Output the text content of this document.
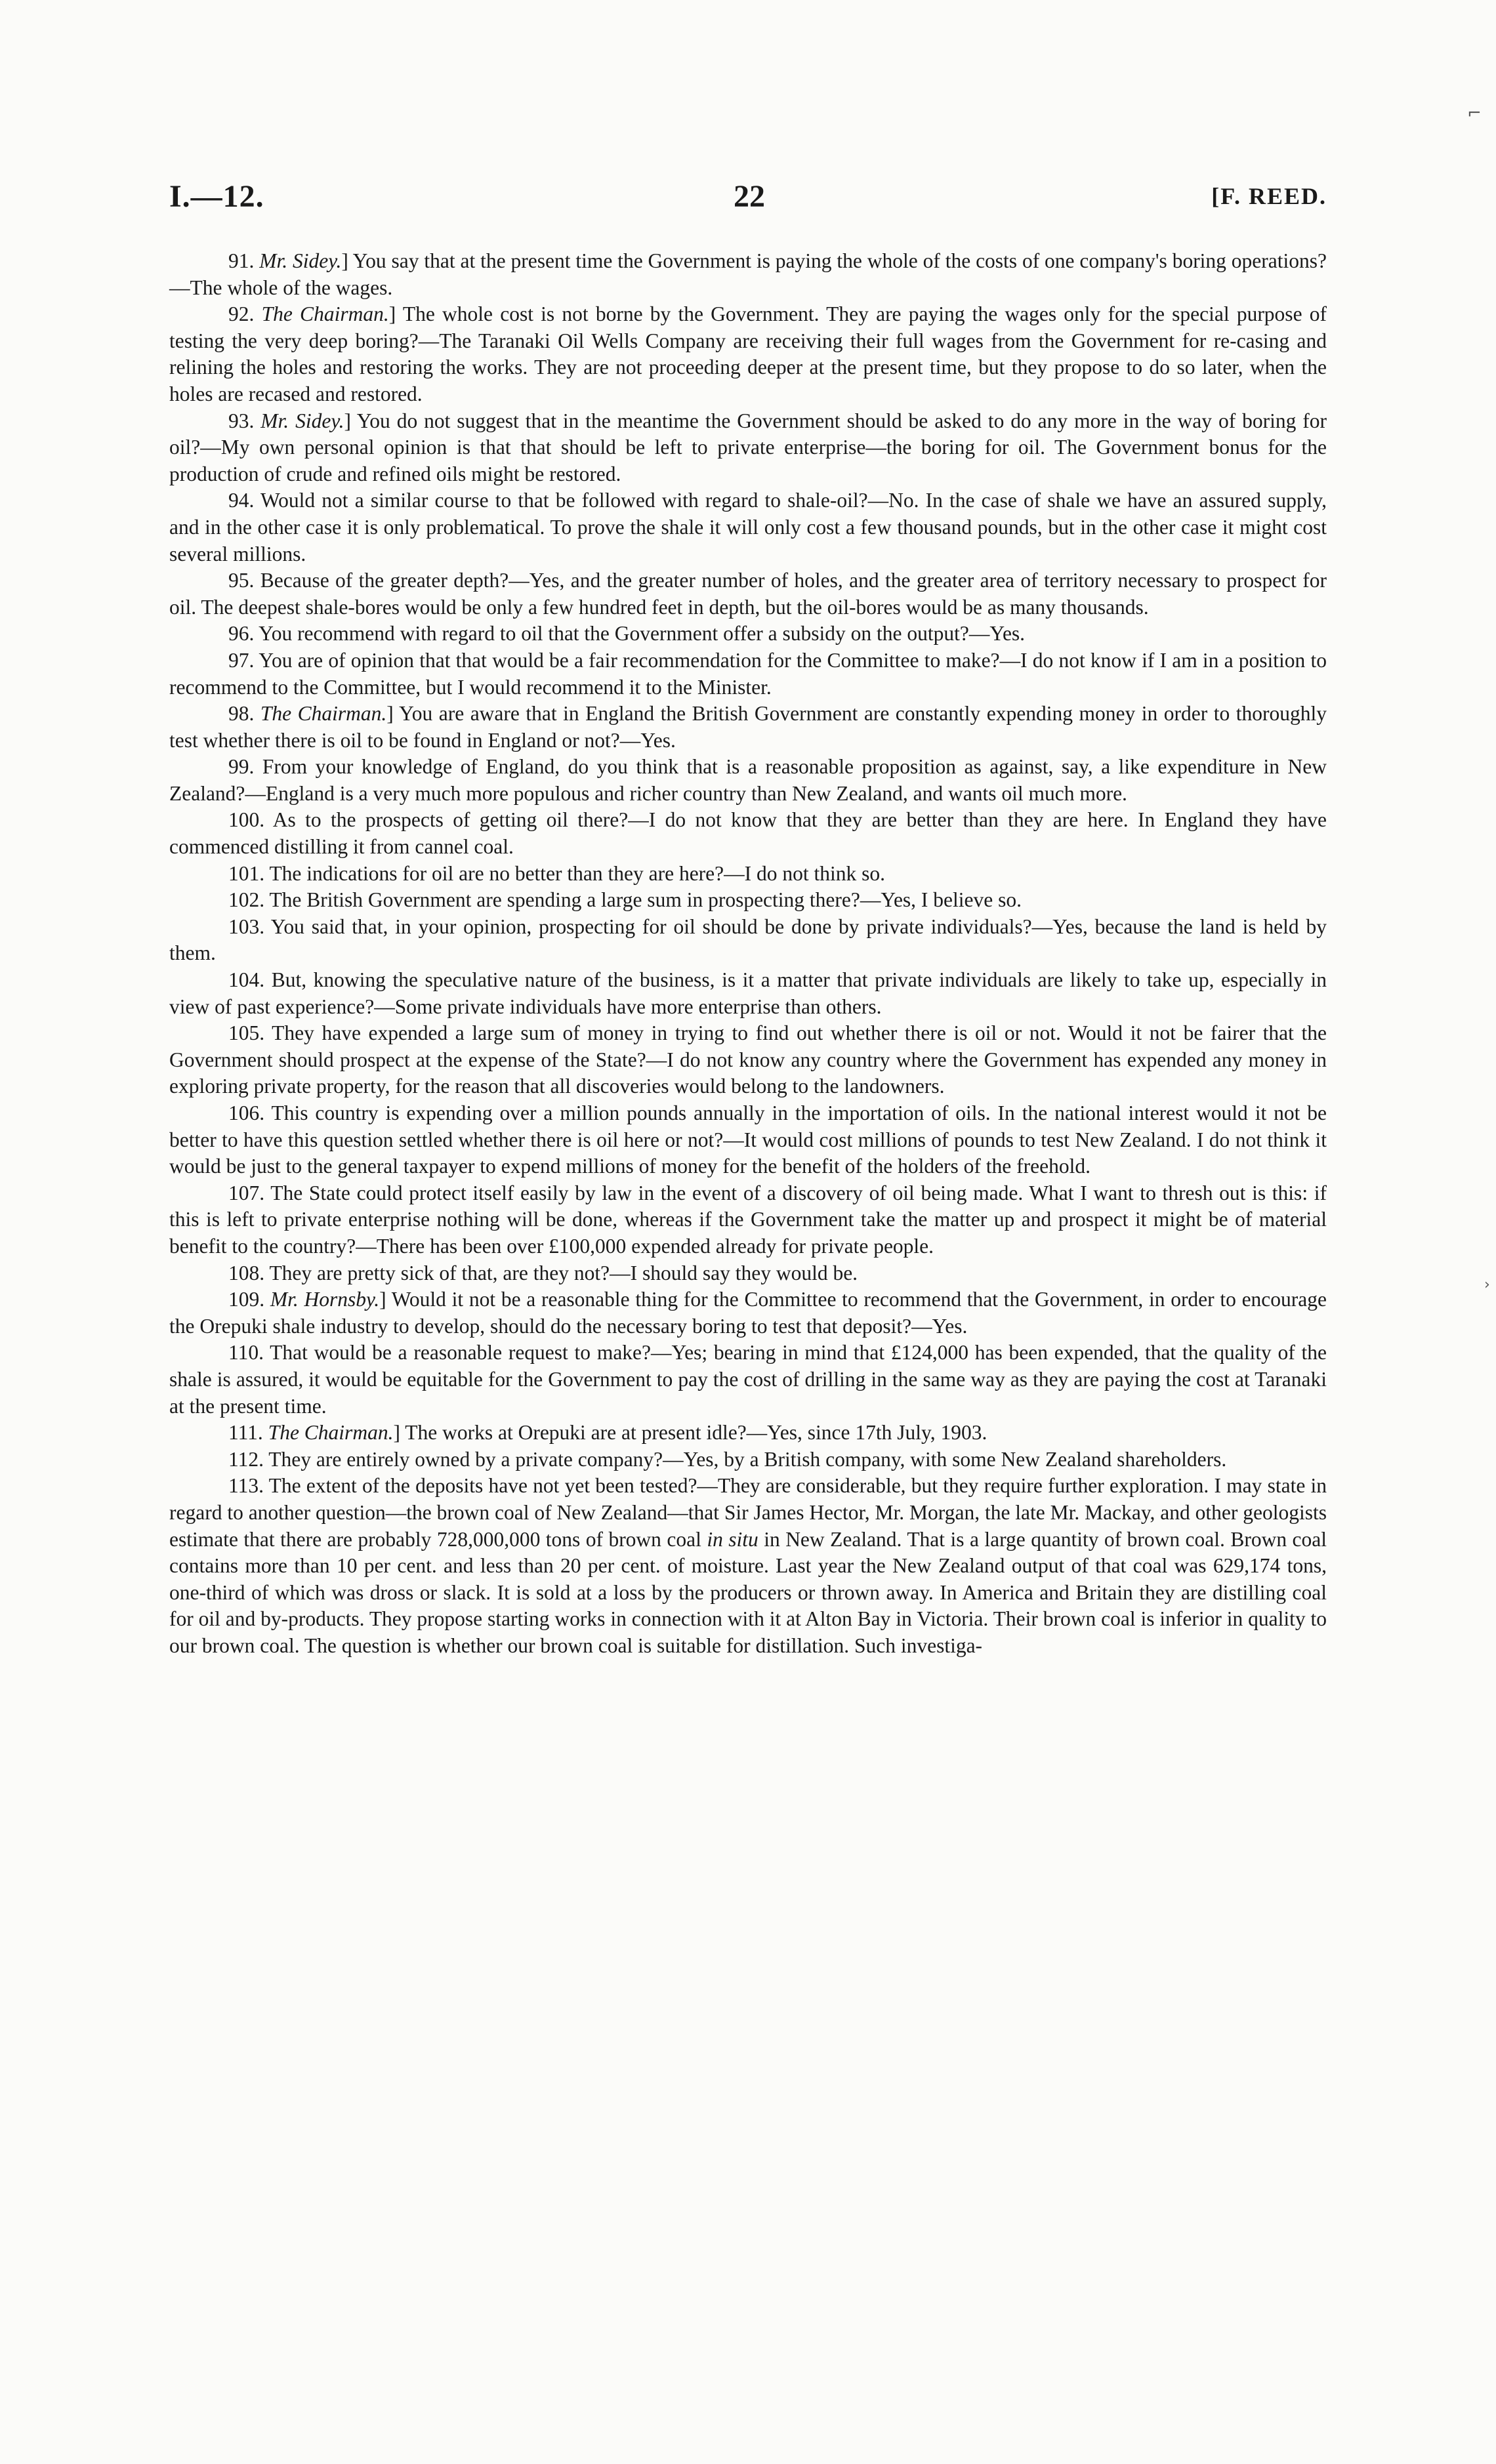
⌐
›
I.—12.	22	[F. REED.

91. Mr. Sidey.] You say that at the present time the Government is paying the whole of the costs of one company's boring operations?—The whole of the wages.

92. The Chairman.] The whole cost is not borne by the Government. They are paying the wages only for the special purpose of testing the very deep boring?—The Taranaki Oil Wells Company are receiving their full wages from the Government for re-casing and relining the holes and restoring the works. They are not proceeding deeper at the present time, but they propose to do so later, when the holes are recased and restored.

93. Mr. Sidey.] You do not suggest that in the meantime the Government should be asked to do any more in the way of boring for oil?—My own personal opinion is that that should be left to private enterprise—the boring for oil. The Government bonus for the production of crude and refined oils might be restored.

94. Would not a similar course to that be followed with regard to shale-oil?—No. In the case of shale we have an assured supply, and in the other case it is only problematical. To prove the shale it will only cost a few thousand pounds, but in the other case it might cost several millions.

95. Because of the greater depth?—Yes, and the greater number of holes, and the greater area of territory necessary to prospect for oil. The deepest shale-bores would be only a few hundred feet in depth, but the oil-bores would be as many thousands.

96. You recommend with regard to oil that the Government offer a subsidy on the output?—Yes.

97. You are of opinion that that would be a fair recommendation for the Committee to make?—I do not know if I am in a position to recommend to the Committee, but I would recommend it to the Minister.

98. The Chairman.] You are aware that in England the British Government are constantly expending money in order to thoroughly test whether there is oil to be found in England or not?—Yes.

99. From your knowledge of England, do you think that is a reasonable proposition as against, say, a like expenditure in New Zealand?—England is a very much more populous and richer country than New Zealand, and wants oil much more.

100. As to the prospects of getting oil there?—I do not know that they are better than they are here. In England they have commenced distilling it from cannel coal.

101. The indications for oil are no better than they are here?—I do not think so.

102. The British Government are spending a large sum in prospecting there?—Yes, I believe so.

103. You said that, in your opinion, prospecting for oil should be done by private individuals?—Yes, because the land is held by them.

104. But, knowing the speculative nature of the business, is it a matter that private individuals are likely to take up, especially in view of past experience?—Some private individuals have more enterprise than others.

105. They have expended a large sum of money in trying to find out whether there is oil or not. Would it not be fairer that the Government should prospect at the expense of the State?—I do not know any country where the Government has expended any money in exploring private property, for the reason that all discoveries would belong to the landowners.

106. This country is expending over a million pounds annually in the importation of oils. In the national interest would it not be better to have this question settled whether there is oil here or not?—It would cost millions of pounds to test New Zealand. I do not think it would be just to the general taxpayer to expend millions of money for the benefit of the holders of the freehold.

107. The State could protect itself easily by law in the event of a discovery of oil being made. What I want to thresh out is this: if this is left to private enterprise nothing will be done, whereas if the Government take the matter up and prospect it might be of material benefit to the country?—There has been over £100,000 expended already for private people.

108. They are pretty sick of that, are they not?—I should say they would be.

109. Mr. Hornsby.] Would it not be a reasonable thing for the Committee to recommend that the Government, in order to encourage the Orepuki shale industry to develop, should do the necessary boring to test that deposit?—Yes.

110. That would be a reasonable request to make?—Yes; bearing in mind that £124,000 has been expended, that the quality of the shale is assured, it would be equitable for the Government to pay the cost of drilling in the same way as they are paying the cost at Taranaki at the present time.

111. The Chairman.] The works at Orepuki are at present idle?—Yes, since 17th July, 1903.

112. They are entirely owned by a private company?—Yes, by a British company, with some New Zealand shareholders.

113. The extent of the deposits have not yet been tested?—They are considerable, but they require further exploration. I may state in regard to another question—the brown coal of New Zealand—that Sir James Hector, Mr. Morgan, the late Mr. Mackay, and other geologists estimate that there are probably 728,000,000 tons of brown coal in situ in New Zealand. That is a large quantity of brown coal. Brown coal contains more than 10 per cent. and less than 20 per cent. of moisture. Last year the New Zealand output of that coal was 629,174 tons, one-third of which was dross or slack. It is sold at a loss by the producers or thrown away. In America and Britain they are distilling coal for oil and by-products. They propose starting works in connection with it at Alton Bay in Victoria. Their brown coal is inferior in quality to our brown coal. The question is whether our brown coal is suitable for distillation. Such investiga-
